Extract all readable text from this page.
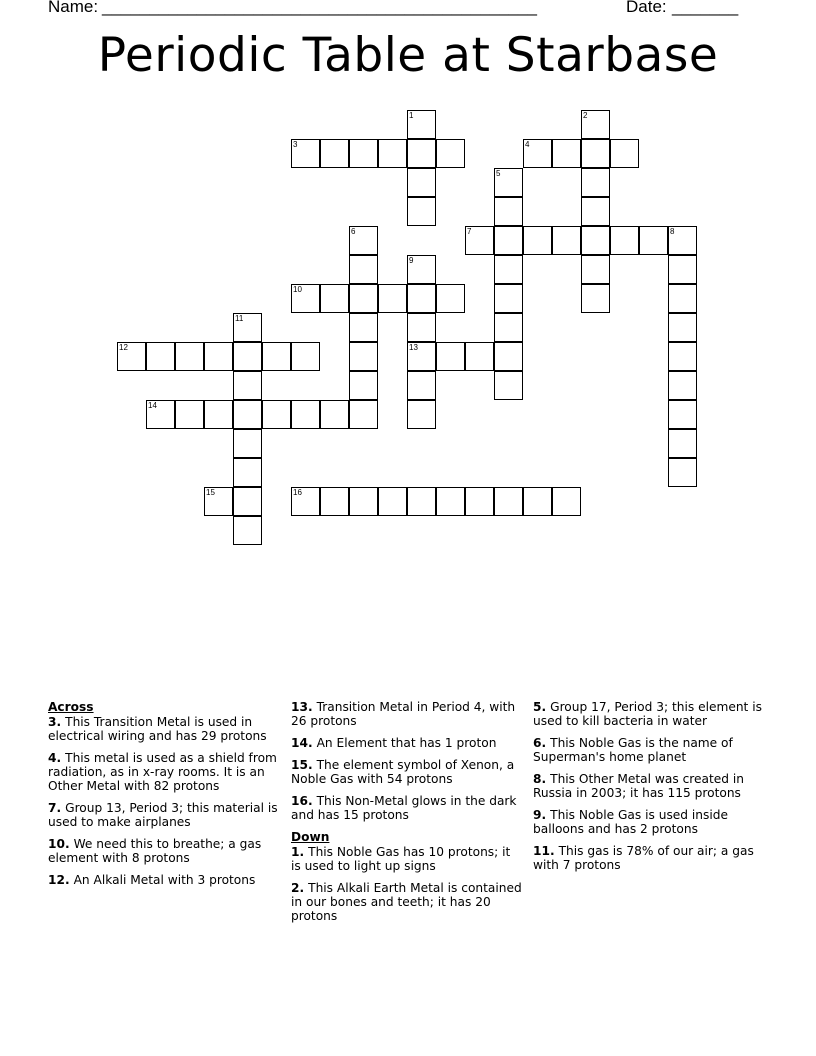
Name: ______________________________________________	Date: _______
Periodic Table at Starbase
1	2
3	4
5
6	7	8
9
13
10
11
12
14
15	16
Across
3. This Transition Metal is used in electrical wiring and has 29 protons
4. This metal is used as a shield from radiation, as in x-ray rooms. It is an Other Metal with 82 protons
7. Group 13, Period 3; this material is used to make airplanes
10. We need this to breathe; a gas element with 8 protons
12. An Alkali Metal with 3 protons
13. Transition Metal in Period 4, with 26 protons
14. An Element that has 1 proton
15. The element symbol of Xenon, a Noble Gas with 54 protons
16. This Non-Metal glows in the dark and has 15 protons
Down
1. This Noble Gas has 10 protons; it is used to light up signs
2. This Alkali Earth Metal is contained in our bones and teeth; it has 20 protons
5. Group 17, Period 3; this element is used to kill bacteria in water
6. This Noble Gas is the name of Superman's home planet
8. This Other Metal was created in Russia in 2003; it has 115 protons
9. This Noble Gas is used inside balloons and has 2 protons
11. This gas is 78% of our air; a gas with 7 protons
